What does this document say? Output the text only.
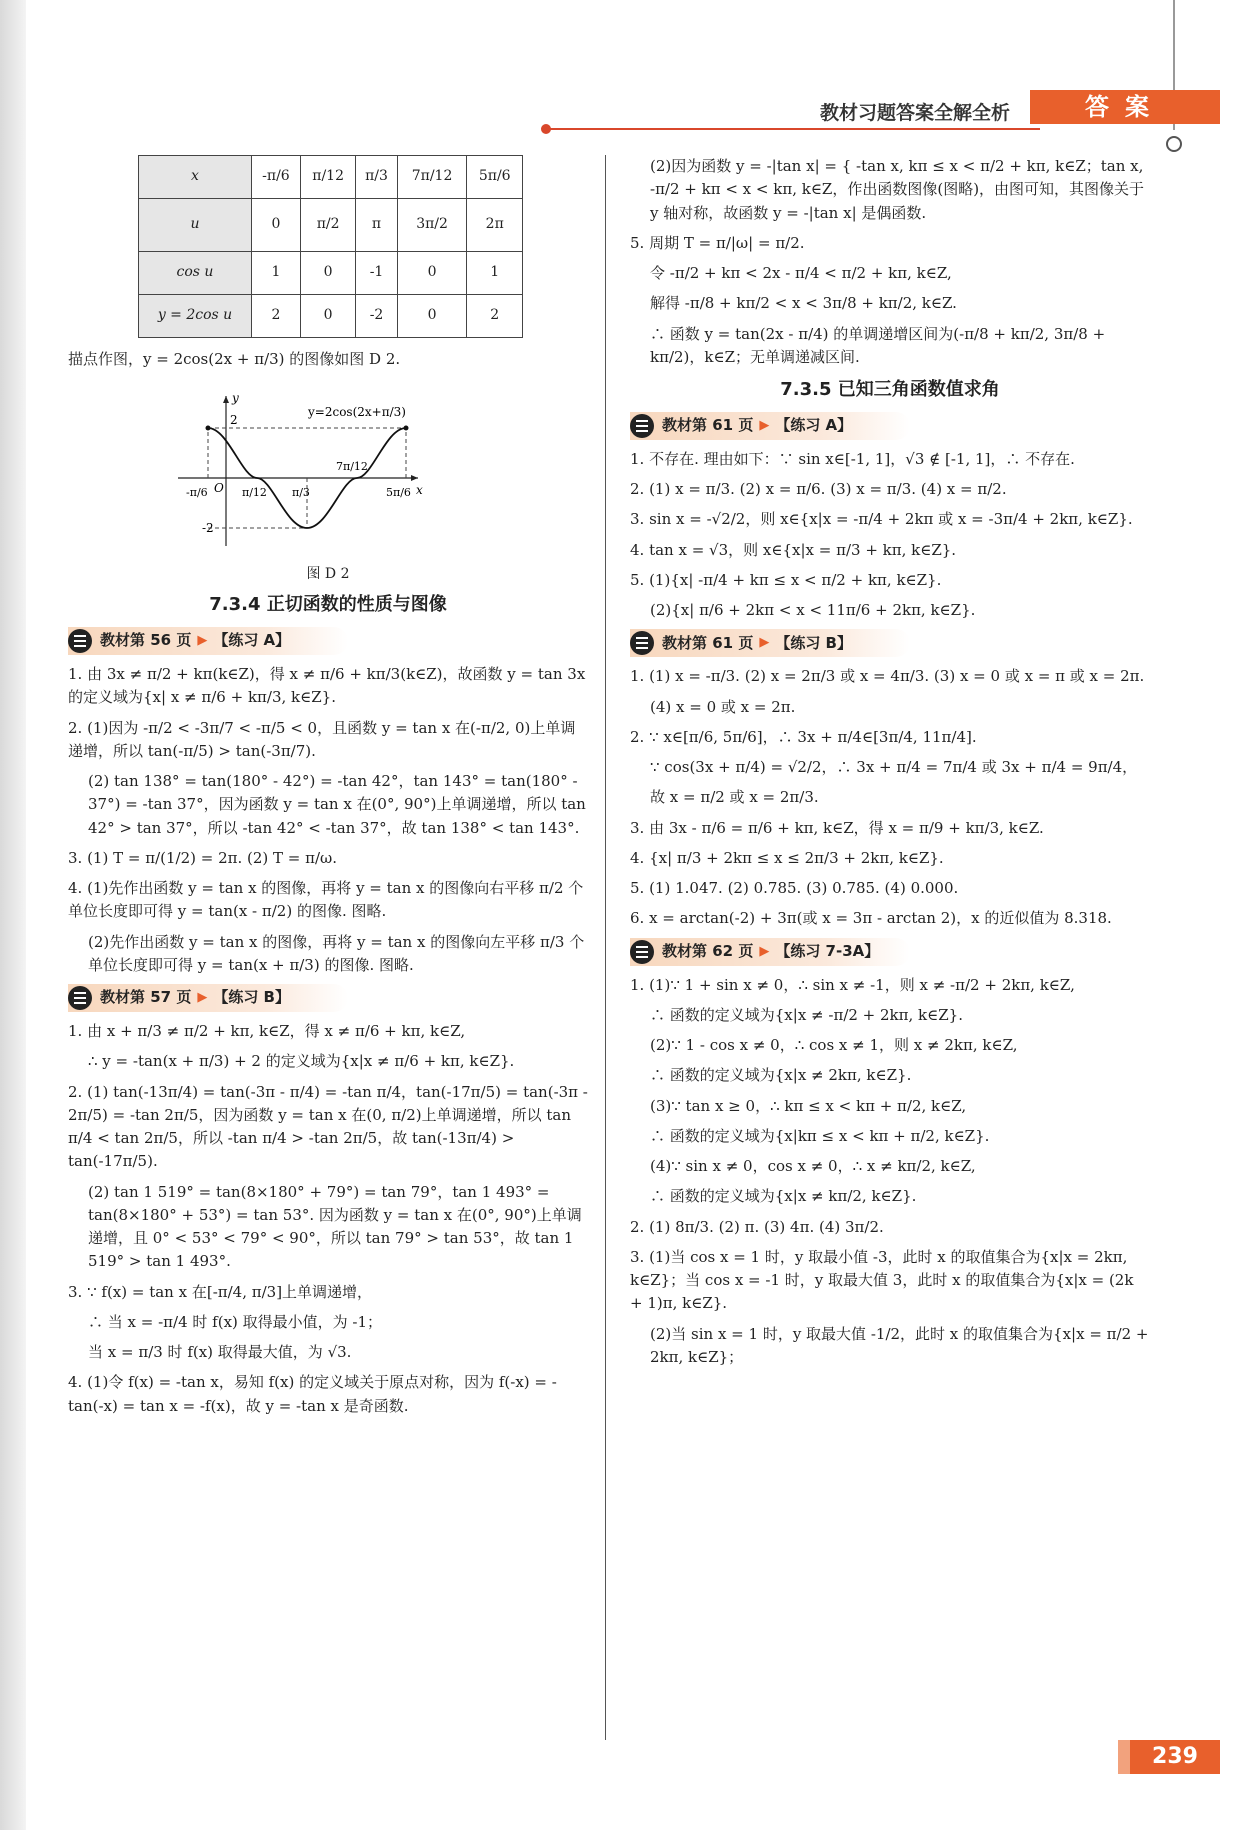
教材习题答案全解全析	答案
x	-π/6	π/12	π/3	7π/12	5π/6
u	0	π/2	π	3π/2	2π
cos u	1	0	-1	0	1
y = 2cos u	2	0	-2	0	2

描点作图，y = 2cos(2x + π/3) 的图像如图 D 2.

y
x
2
-2
O
y=2cos(2x+π/3)
-π/6	π/12 π/3
7π/12
5π/6

图 D 2

7.3.4 正切函数的性质与图像

教材第 56 页 ▶ 【练习 A】

1. 由 3x ≠ π/2 + kπ(k∈Z)，得 x ≠ π/6 + kπ/3(k∈Z)，故函数 y = tan 3x 的定义域为{x| x ≠ π/6 + kπ/3, k∈Z}.

2. (1)因为 -π/2 < -3π/7 < -π/5 < 0，且函数 y = tan x 在(-π/2, 0)上单调递增，所以 tan(-π/5) > tan(-3π/7).

(2) tan 138° = tan(180° - 42°) = -tan 42°，tan 143° = tan(180° - 37°) = -tan 37°，因为函数 y = tan x 在(0°, 90°)上单调递增，所以 tan 42° > tan 37°，所以 -tan 42° < -tan 37°，故 tan 138° < tan 143°.

3. (1) T = π/(1/2) = 2π. (2) T = π/ω.

4. (1)先作出函数 y = tan x 的图像，再将 y = tan x 的图像向右平移 π/2 个单位长度即可得 y = tan(x - π/2) 的图像. 图略.

(2)先作出函数 y = tan x 的图像，再将 y = tan x 的图像向左平移 π/3 个单位长度即可得 y = tan(x + π/3) 的图像. 图略.

教材第 57 页 ▶ 【练习 B】

1. 由 x + π/3 ≠ π/2 + kπ, k∈Z，得 x ≠ π/6 + kπ, k∈Z,

∴ y = -tan(x + π/3) + 2 的定义域为{x|x ≠ π/6 + kπ, k∈Z}.

2. (1) tan(-13π/4) = tan(-3π - π/4) = -tan π/4，tan(-17π/5) = tan(-3π - 2π/5) = -tan 2π/5，因为函数 y = tan x 在(0, π/2)上单调递增，所以 tan π/4 < tan 2π/5，所以 -tan π/4 > -tan 2π/5，故 tan(-13π/4) > tan(-17π/5).

(2) tan 1 519° = tan(8×180° + 79°) = tan 79°，tan 1 493° = tan(8×180° + 53°) = tan 53°. 因为函数 y = tan x 在(0°, 90°)上单调递增，且 0° < 53° < 79° < 90°，所以 tan 79° > tan 53°，故 tan 1 519° > tan 1 493°.

3. ∵ f(x) = tan x 在[-π/4, π/3]上单调递增，

∴ 当 x = -π/4 时 f(x) 取得最小值，为 -1；

当 x = π/3 时 f(x) 取得最大值，为 √3.

4. (1)令 f(x) = -tan x，易知 f(x) 的定义域关于原点对称，因为 f(-x) = -tan(-x) = tan x = -f(x)，故 y = -tan x 是奇函数.

(2)因为函数 y = -|tan x| = { -tan x, kπ ≤ x < π/2 + kπ, k∈Z；tan x, -π/2 + kπ < x < kπ, k∈Z，作出函数图像(图略)，由图可知，其图像关于 y 轴对称，故函数 y = -|tan x| 是偶函数.

5. 周期 T = π/|ω| = π/2.

令 -π/2 + kπ < 2x - π/4 < π/2 + kπ, k∈Z,

解得 -π/8 + kπ/2 < x < 3π/8 + kπ/2, k∈Z.

∴ 函数 y = tan(2x - π/4) 的单调递增区间为(-π/8 + kπ/2, 3π/8 + kπ/2)，k∈Z；无单调递减区间.

7.3.5 已知三角函数值求角

教材第 61 页 ▶ 【练习 A】

1. 不存在. 理由如下：∵ sin x∈[-1, 1]，√3 ∉ [-1, 1]，∴ 不存在.

2. (1) x = π/3. (2) x = π/6. (3) x = π/3. (4) x = π/2.

3. sin x = -√2/2，则 x∈{x|x = -π/4 + 2kπ 或 x = -3π/4 + 2kπ, k∈Z}.

4. tan x = √3，则 x∈{x|x = π/3 + kπ, k∈Z}.

5. (1){x| -π/4 + kπ ≤ x < π/2 + kπ, k∈Z}.

(2){x| π/6 + 2kπ < x < 11π/6 + 2kπ, k∈Z}.

教材第 61 页 ▶ 【练习 B】

1. (1) x = -π/3. (2) x = 2π/3 或 x = 4π/3. (3) x = 0 或 x = π 或 x = 2π.

(4) x = 0 或 x = 2π.

2. ∵ x∈[π/6, 5π/6]，∴ 3x + π/4∈[3π/4, 11π/4].

∵ cos(3x + π/4) = √2/2，∴ 3x + π/4 = 7π/4 或 3x + π/4 = 9π/4，

故 x = π/2 或 x = 2π/3.

3. 由 3x - π/6 = π/6 + kπ, k∈Z，得 x = π/9 + kπ/3, k∈Z.

4. {x| π/3 + 2kπ ≤ x ≤ 2π/3 + 2kπ, k∈Z}.

5. (1) 1.047. (2) 0.785. (3) 0.785. (4) 0.000.

6. x = arctan(-2) + 3π(或 x = 3π - arctan 2)，x 的近似值为 8.318.

教材第 62 页 ▶ 【练习 7-3A】

1. (1)∵ 1 + sin x ≠ 0，∴ sin x ≠ -1，则 x ≠ -π/2 + 2kπ, k∈Z,

∴ 函数的定义域为{x|x ≠ -π/2 + 2kπ, k∈Z}.

(2)∵ 1 - cos x ≠ 0，∴ cos x ≠ 1，则 x ≠ 2kπ, k∈Z,

∴ 函数的定义域为{x|x ≠ 2kπ, k∈Z}.

(3)∵ tan x ≥ 0，∴ kπ ≤ x < kπ + π/2, k∈Z,

∴ 函数的定义域为{x|kπ ≤ x < kπ + π/2, k∈Z}.

(4)∵ sin x ≠ 0，cos x ≠ 0，∴ x ≠ kπ/2, k∈Z,

∴ 函数的定义域为{x|x ≠ kπ/2, k∈Z}.

2. (1) 8π/3. (2) π. (3) 4π. (4) 3π/2.

3. (1)当 cos x = 1 时，y 取最小值 -3，此时 x 的取值集合为{x|x = 2kπ, k∈Z}；当 cos x = -1 时，y 取最大值 3，此时 x 的取值集合为{x|x = (2k + 1)π, k∈Z}.

(2)当 sin x = 1 时，y 取最大值 -1/2，此时 x 的取值集合为{x|x = π/2 + 2kπ, k∈Z}；

239
